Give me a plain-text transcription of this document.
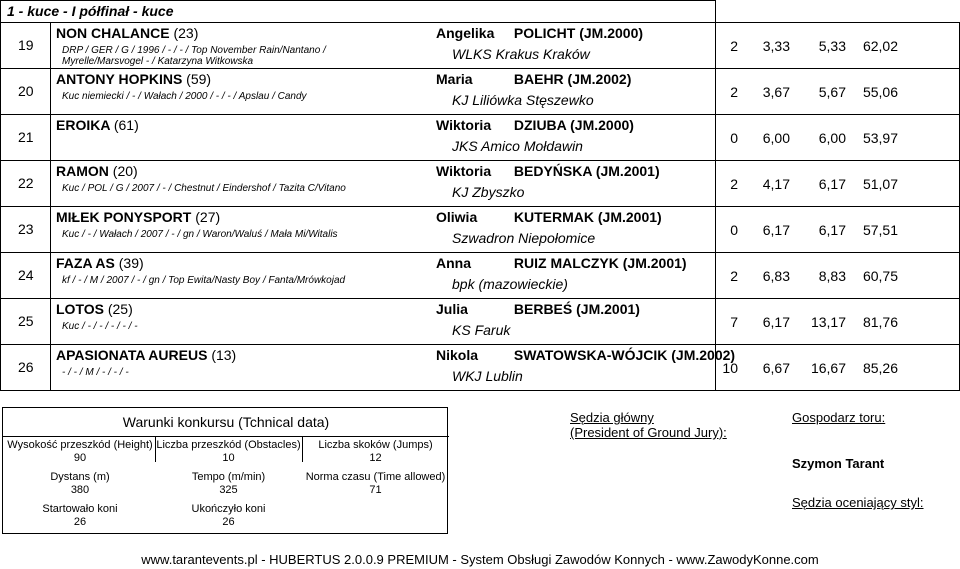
1 - kuce - I półfinał - kuce
19
NON CHALANCE (23)
DRP / GER / G / 1996 / - / - / Top November Rain/Nantano / Myrelle/Marsvogel - / Katarzyna Witkowska
Angelika POLICHT (JM.2000)
WLKS Krakus Kraków	2	3,33	5,33	62,02
20
ANTONY HOPKINS (59)
Kuc niemiecki / - / Wałach / 2000 / - / - / Apslau / Candy
Maria	BAEHR (JM.2002)
KJ Liliówka Stęszewko	2	3,67	5,67	55,06
21
EROIKA (61)	Wiktoria DZIUBA (JM.2000)
JKS Amico Mołdawin	0	6,00	6,00	53,97
22
RAMON (20)
Kuc / POL / G / 2007 / - / Chestnut / Eindershof / Tazita C/Vitano
Wiktoria BEDYŃSKA (JM.2001)
KJ Zbyszko	2	4,17	6,17	51,07
23
MIŁEK PONYSPORT (27)
Kuc / - / Wałach / 2007 / - / gn / Waron/Waluś / Mała Mi/Witalis
Oliwia	KUTERMAK (JM.2001)
Szwadron Niepołomice	0	6,17	6,17	57,51
24
FAZA AS (39)
kf / - / M / 2007 / - / gn / Top Ewita/Nasty Boy / Fanta/Mrówkojad
Anna	RUIZ MALCZYK (JM.2001)
bpk (mazowieckie)	2	6,83	8,83	60,75
25
LOTOS (25)
Kuc / - / - / - / - / -
Julia	BERBEŚ (JM.2001)
KS Faruk	7	6,17	13,17	81,76
26
APASIONATA AUREUS (13)
- / - / M / - / - / -
Nikola	SWATOWSKA-WÓJCIK (JM.2002)
WKJ Lublin	10	6,67	16,67	85,26
Warunki konkursu (Tchnical data)
Wysokość przeszkód (Height)
90
Liczba przeszkód (Obstacles)
10
Liczba skoków (Jumps)
12
Dystans (m)
380
Tempo (m/min)
325
Norma czasu (Time allowed)
71
Startowało koni
26
Ukończyło koni
26
Sędzia główny
(President of Ground Jury):
Gospodarz toru:
Szymon Tarant
Sędzia oceniający styl:
www.tarantevents.pl - HUBERTUS 2.0.0.9 PREMIUM - System Obsługi Zawodów Konnych - www.ZawodyKonne.com
